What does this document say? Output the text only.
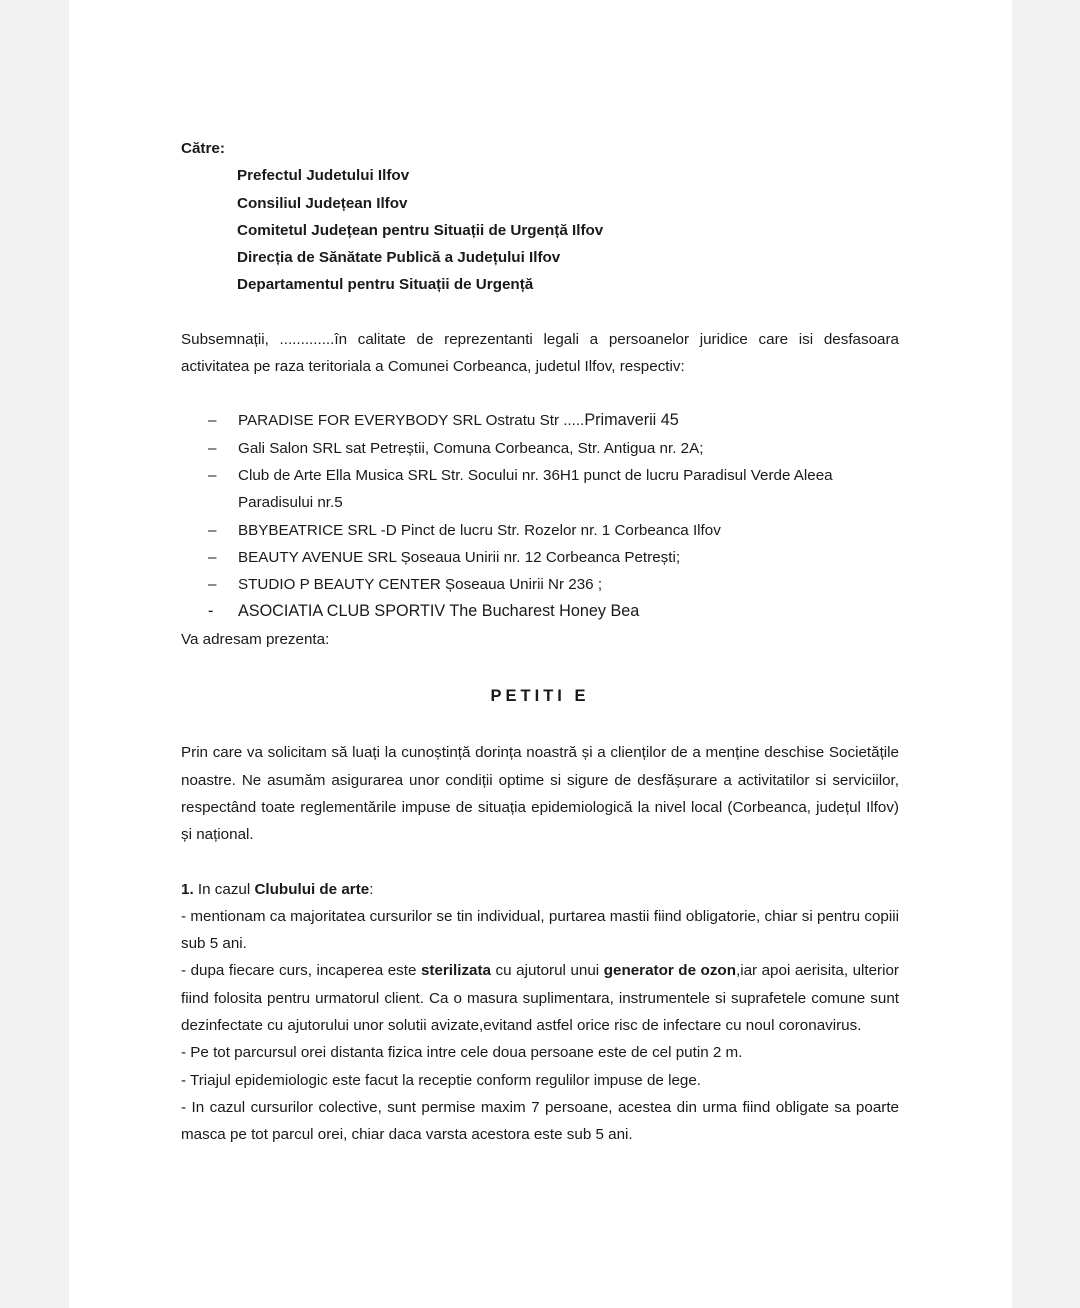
Către:
Prefectul Judetului Ilfov
Consiliul Județean Ilfov
Comitetul Județean pentru Situații de Urgență Ilfov
Direcția de Sănătate Publică a Județului Ilfov
Departamentul pentru Situații de Urgență
Subsemnații, .............în calitate de reprezentanti legali a persoanelor juridice care isi desfasoara activitatea pe raza teritoriala a Comunei Corbeanca, judetul Ilfov, respectiv:
– PARADISE FOR EVERYBODY SRL Ostratu Str .....Primaverii 45
– Gali Salon SRL sat Petreștii, Comuna Corbeanca, Str. Antigua nr. 2A;
– Club de Arte Ella Musica SRL Str. Socului nr. 36H1 punct de lucru Paradisul Verde Aleea Paradisului nr.5
– BBYBEATRICE SRL -D Pinct de lucru Str. Rozelor nr. 1 Corbeanca Ilfov
– BEAUTY AVENUE SRL Șoseaua Unirii nr. 12 Corbeanca Petrești;
– STUDIO P BEAUTY CENTER Șoseaua Unirii Nr 236 ;
- ASOCIATIA CLUB SPORTIV The Bucharest Honey Bea
Va adresam prezenta:
PETITI E
Prin care va solicitam să luați la cunoștință dorința noastră și a clienților de a menține deschise Societățile noastre. Ne asumăm asigurarea unor condiții optime si sigure de desfășurare a activitatilor si serviciilor, respectând toate reglementările impuse de situația epidemiologică la nivel local (Corbeanca, județul Ilfov) și național.
1. In cazul Clubului de arte:
- mentionam ca majoritatea cursurilor se tin individual, purtarea mastii fiind obligatorie, chiar si pentru copiii sub 5 ani.
- dupa fiecare curs, incaperea este sterilizata cu ajutorul unui generator de ozon,iar apoi aerisita, ulterior fiind folosita pentru urmatorul client. Ca o masura suplimentara, instrumentele si suprafetele comune sunt dezinfectate cu ajutoruluі unor solutii avizate,evitand astfel orice risc de infectare cu noul coronavirus.
- Pe tot parcursul orei distanta fizica intre cele doua persoane este de cel putin 2 m.
- Triajul epidemiologic este facut la receptie conform regulilor impuse de lege.
- In cazul cursurilor colective, sunt permise maxim 7 persoane, acestea din urma fiind obligate sa poarte masca pe tot parcul orei, chiar daca varsta acestora este sub 5 ani.
